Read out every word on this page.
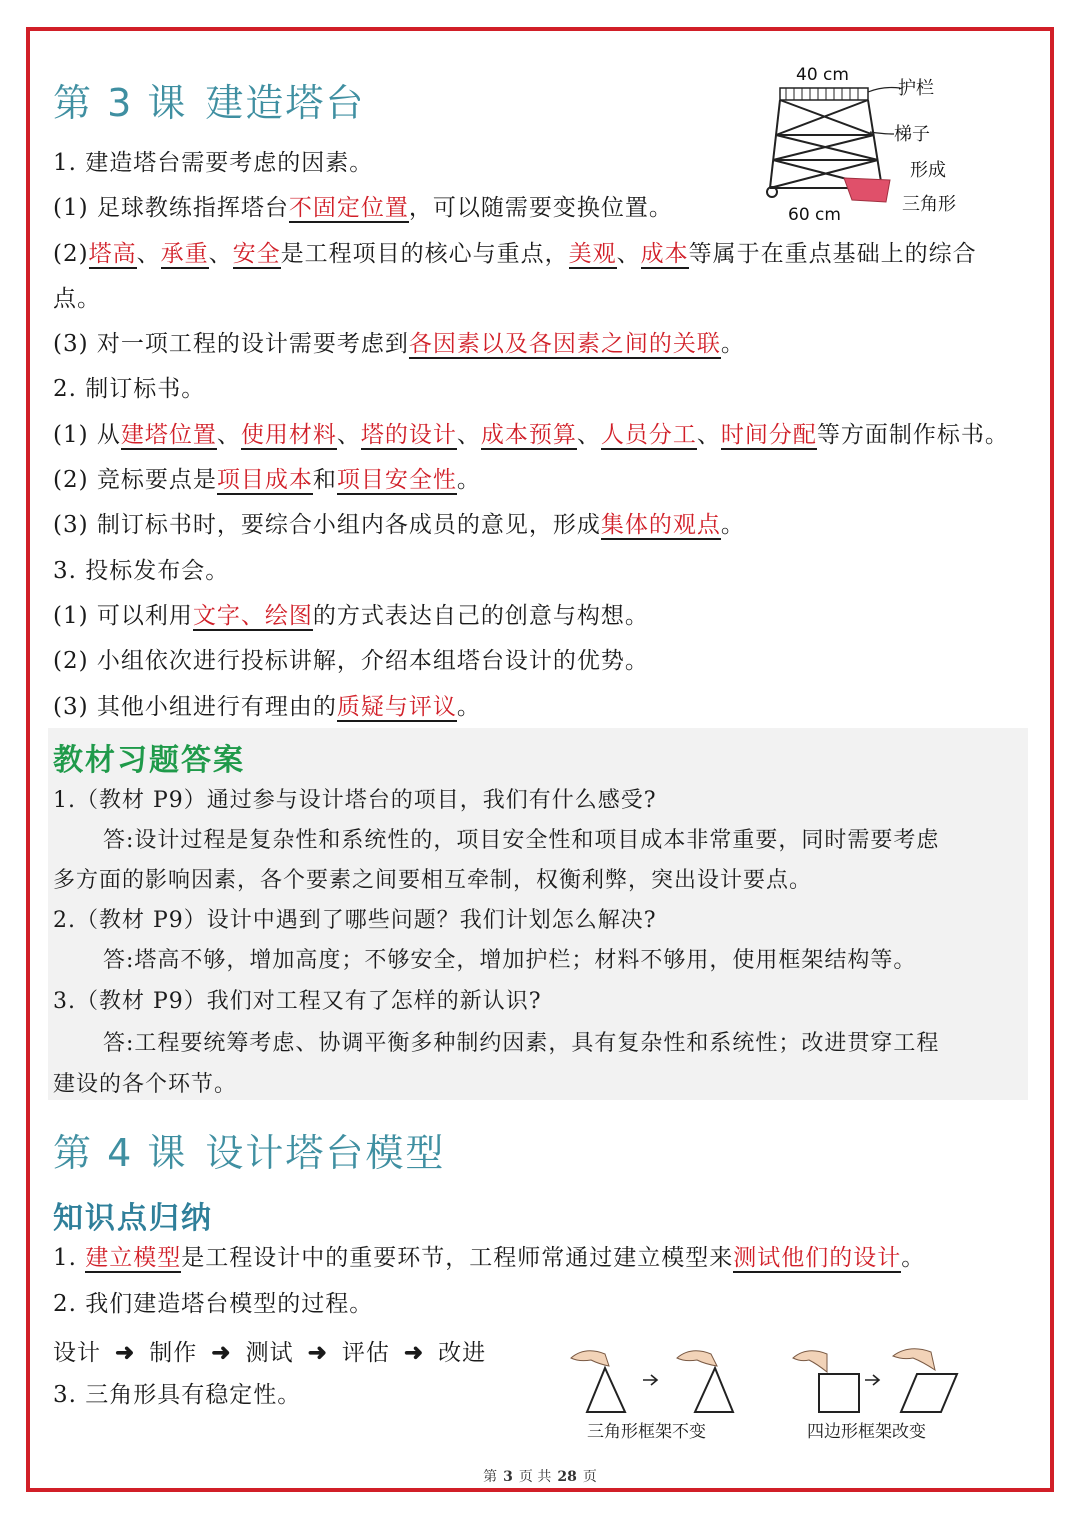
第 3 课 建造塔台
40 cm
60 cm
护栏
梯子
形成
三角形
1. 建造塔台需要考虑的因素。
(1) 足球教练指挥塔台不固定位置，可以随需要变换位置。
(2)塔高、承重、安全是工程项目的核心与重点，美观、成本等属于在重点基础上的综合
点。
(3) 对一项工程的设计需要考虑到各因素以及各因素之间的关联。
2. 制订标书。
(1) 从建塔位置、使用材料、塔的设计、成本预算、人员分工、时间分配等方面制作标书。
(2) 竞标要点是项目成本和项目安全性。
(3) 制订标书时，要综合小组内各成员的意见，形成集体的观点。
3. 投标发布会。
(1) 可以利用文字、绘图的方式表达自己的创意与构想。
(2) 小组依次进行投标讲解，介绍本组塔台设计的优势。
(3) 其他小组进行有理由的质疑与评议。
教材习题答案
1.（教材 P9）通过参与设计塔台的项目，我们有什么感受?
答:设计过程是复杂性和系统性的，项目安全性和项目成本非常重要，同时需要考虑
多方面的影响因素，各个要素之间要相互牵制，权衡利弊，突出设计要点。
2.（教材 P9）设计中遇到了哪些问题？我们计划怎么解决?
答:塔高不够，增加高度；不够安全，增加护栏；材料不够用，使用框架结构等。
3.（教材 P9）我们对工程又有了怎样的新认识?
答:工程要统筹考虑、协调平衡多种制约因素，具有复杂性和系统性；改进贯穿工程
建设的各个环节。
第 4 课 设计塔台模型
知识点归纳
1. 建立模型是工程设计中的重要环节，工程师常通过建立模型来测试他们的设计。
2. 我们建造塔台模型的过程。
设计 ➜ 制作 ➜ 测试 ➜ 评估 ➜ 改进
3. 三角形具有稳定性。
三角形框架不变	四边形框架改变
第 3 页 共 28 页
